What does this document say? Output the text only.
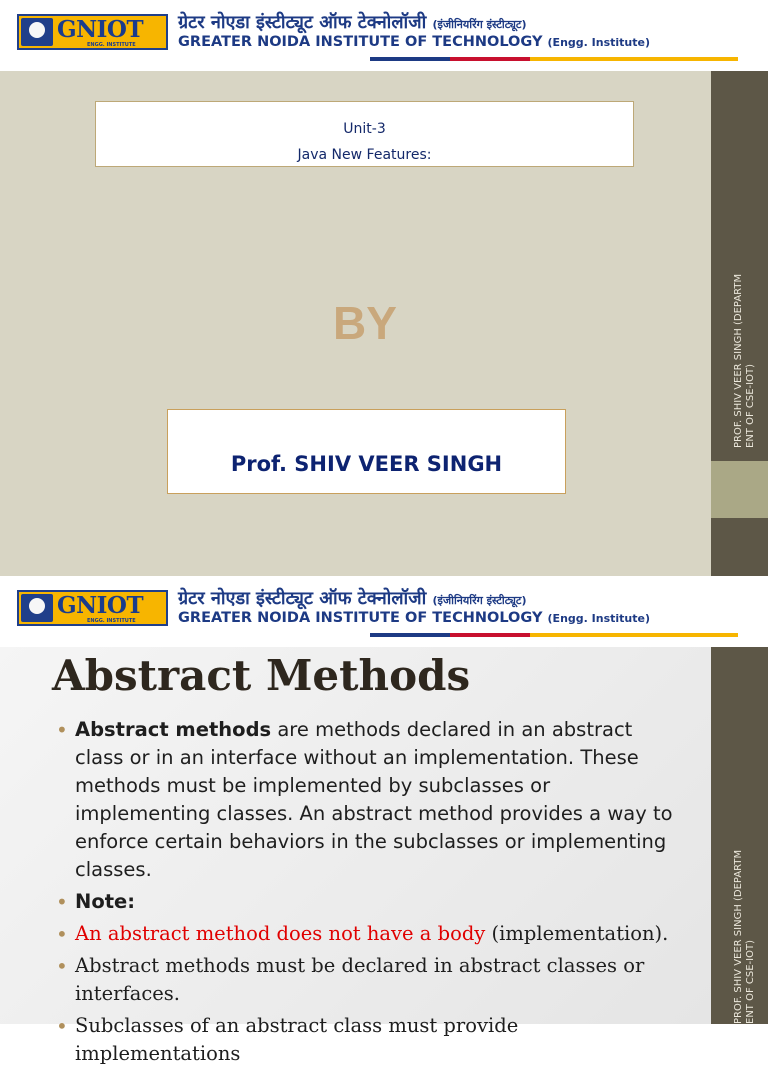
GNIOT
ENGG. INSTITUTE
ग्रेटर नोएडा इंस्टीट्यूट ऑफ टेक्नोलॉजी (इंजीनियरिंग इंस्टीट्यूट)
GREATER NOIDA INSTITUTE OF TECHNOLOGY (Engg. Institute)
PROF. SHIV VEER SINGH (DEPARTM ENT OF CSE-IOT)
Unit-3
Java New Features:
BY
Prof. SHIV VEER SINGH
GNIOT
ENGG. INSTITUTE
ग्रेटर नोएडा इंस्टीट्यूट ऑफ टेक्नोलॉजी (इंजीनियरिंग इंस्टीट्यूट)
GREATER NOIDA INSTITUTE OF TECHNOLOGY (Engg. Institute)
PROF. SHIV VEER SINGH (DEPARTM ENT OF CSE-IOT)
Abstract Methods
• Abstract methods are methods declared in an abstract class or in an interface without an implementation. These methods must be implemented by subclasses or implementing classes. An abstract method provides a way to enforce certain behaviors in the subclasses or implementing classes.
• Note:
• An abstract method does not have a body (implementation).
• Abstract methods must be declared in abstract classes or interfaces.
• Subclasses of an abstract class must provide implementations
